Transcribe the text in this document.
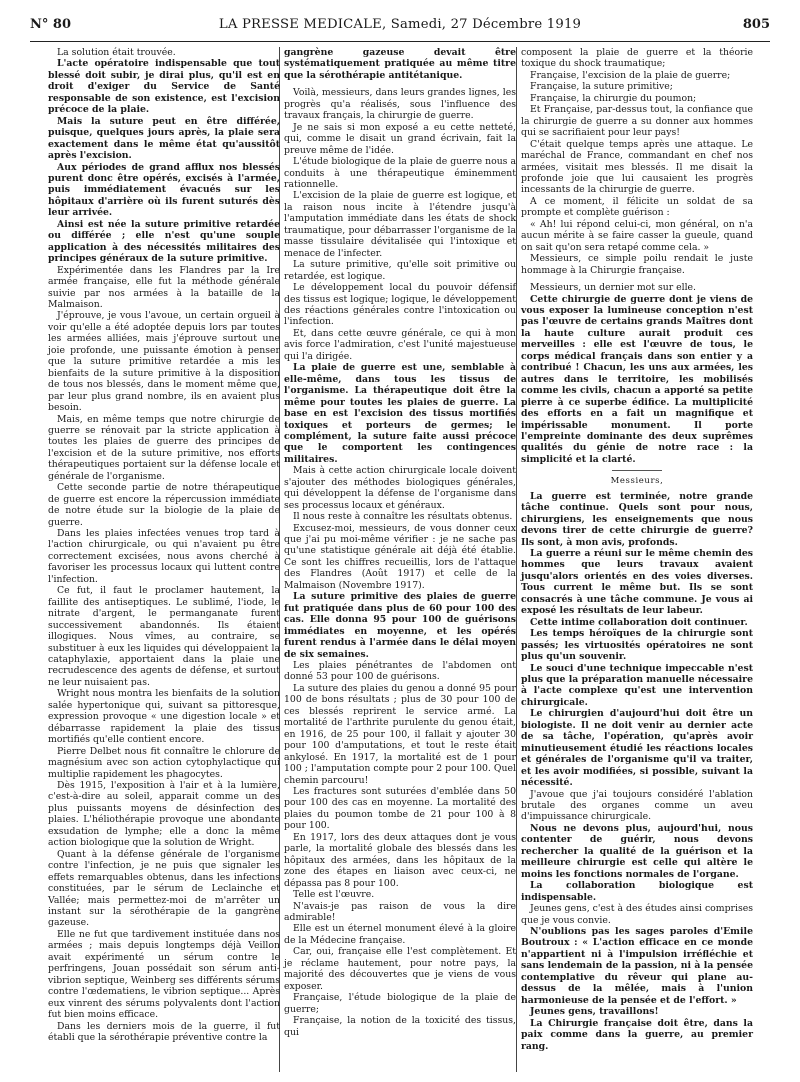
N° 80	LA PRESSE MEDICALE, Samedi, 27 Décembre 1919	805

La solution était trouvée.

L'acte opératoire indispensable que tout blessé doit subir, je dirai plus, qu'il est en droit d'exiger du Service de Santé responsable de son existence, est l'excision précoce de la plaie.

Mais la suture peut en être différée, puisque, quelques jours après, la plaie sera exactement dans le même état qu'aussitôt après l'excision.

Aux périodes de grand afflux nos blessés purent donc être opérés, excisés à l'armée, puis immédiatement évacués sur les hôpitaux d'arrière où ils furent suturés dès leur arrivée.

Ainsi est née la suture primitive retardée ou différée ; elle n'est qu'une souple application à des nécessités militaires des principes généraux de la suture primitive.

Expérimentée dans les Flandres par la Ire armée française, elle fut la méthode générale suivie par nos armées à la bataille de la Malmaison.

J'éprouve, je vous l'avoue, un certain orgueil à voir qu'elle a été adoptée depuis lors par toutes les armées alliées, mais j'éprouve surtout une joie profonde, une puissante émotion à penser que la suture primitive retardée a mis les bienfaits de la suture primitive à la disposition de tous nos blessés, dans le moment même que, par leur plus grand nombre, ils en avaient plus besoin.

Mais, en même temps que notre chirurgie de guerre se rénovait par la stricte application à toutes les plaies de guerre des principes de l'excision et de la suture primitive, nos efforts thérapeutiques portaient sur la défense locale et générale de l'organisme.

Cette seconde partie de notre thérapeutique de guerre est encore la répercussion immédiate de notre étude sur la biologie de la plaie de guerre.

Dans les plaies infectées venues trop tard à l'action chirurgicale, ou qui n'avaient pu être correctement excisées, nous avons cherché à favoriser les processus locaux qui luttent contre l'infection.

Ce fut, il faut le proclamer hautement, la faillite des antiseptiques. Le sublimé, l'iode, le nitrate d'argent, le permanganate furent successivement abandonnés. Ils étaient illogiques. Nous vîmes, au contraire, se substituer à eux les liquides qui développaient la cataphylaxie, apportaient dans la plaie une recrudescence des agents de défense, et surtout ne leur nuisaient pas.

Wright nous montra les bienfaits de la solution salée hypertonique qui, suivant sa pittoresque, expression provoque « une digestion locale » et débarrasse rapidement la plaie des tissus mortifiés qu'elle contient encore.

Pierre Delbet nous fit connaître le chlorure de magnésium avec son action cytophylactique qui multiplie rapidement les phagocytes.

Dès 1915, l'exposition à l'air et à la lumière, c'est-à-dire au soleil, apparait comme un des plus puissants moyens de désinfection des plaies. L'héliothérapie provoque une abondante exsudation de lymphe; elle a donc la même action biologique que la solution de Wright.

Quant à la défense générale de l'organisme contre l'infection, je ne puis que signaler les effets remarquables obtenus, dans les infections constituées, par le sérum de Leclainche et Vallée; mais permettez-moi de m'arrêter un instant sur la sérothérapie de la gangrène gazeuse.

Elle ne fut que tardivement instituée dans nos armées ; mais depuis longtemps déjà Veillon avait expérimenté un sérum contre le perfringens, Jouan possédait son sérum anti-vibrion septique, Weinberg ses différents sérums contre l'œdematiens, le vibrion septique... Après eux vinrent des sérums polyvalents dont l'action fut bien moins efficace.

Dans les derniers mois de la guerre, il fut établi que la sérothérapie préventive contre la

gangrène gazeuse devait être systématiquement pratiquée au même titre que la sérothérapie antitétanique.

Voilà, messieurs, dans leurs grandes lignes, les progrès qu'a réalisés, sous l'influence des travaux français, la chirurgie de guerre.

Je ne sais si mon exposé a eu cette netteté, qui, comme le disait un grand écrivain, fait la preuve même de l'idée.

L'étude biologique de la plaie de guerre nous a conduits à une thérapeutique éminemment rationnelle.

L'excision de la plaie de guerre est logique, et la raison nous incite à l'étendre jusqu'à l'amputation immédiate dans les états de shock traumatique, pour débarrasser l'organisme de la masse tissulaire dévitalisée qui l'intoxique et menace de l'infecter.

La suture primitive, qu'elle soit primitive ou retardée, est logique.

Le développement local du pouvoir défensif des tissus est logique; logique, le développement des réactions générales contre l'intoxication ou l'infection.

Et, dans cette œuvre générale, ce qui à mon avis force l'admiration, c'est l'unité majestueuse qui l'a dirigée.

La plaie de guerre est une, semblable à elle-même, dans tous les tissus de l'organisme. La thérapeutique doit être la même pour toutes les plaies de guerre. La base en est l'excision des tissus mortifiés toxiques et porteurs de germes; le complément, la suture faite aussi précoce que le comportent les contingences militaires.

Mais à cette action chirurgicale locale doivent s'ajouter des méthodes biologiques générales, qui développent la défense de l'organisme dans ses processus locaux et généraux.

Il nous reste à connaître les résultats obtenus.

Excusez-moi, messieurs, de vous donner ceux que j'ai pu moi-même vérifier : je ne sache pas qu'une statistique générale ait déjà été établie. Ce sont les chiffres recueillis, lors de l'attaque des Flandres (Août 1917) et celle de la Malmaison (Novembre 1917).

La suture primitive des plaies de guerre fut pratiquée dans plus de 60 pour 100 des cas. Elle donna 95 pour 100 de guérisons immédiates en moyenne, et les opérés furent rendus à l'armée dans le délai moyen de six semaines.

Les plaies pénétrantes de l'abdomen ont donné 53 pour 100 de guérisons.

La suture des plaies du genou a donné 95 pour 100 de bons résultats ; plus de 30 pour 100 de ces blessés reprirent le service armé. La mortalité de l'arthrite purulente du genou était, en 1916, de 25 pour 100, il fallait y ajouter 30 pour 100 d'amputations, et tout le reste était ankylosé. En 1917, la mortalité est de 1 pour 100 ; l'amputation compte pour 2 pour 100. Quel chemin parcouru!

Les fractures sont suturées d'emblée dans 50 pour 100 des cas en moyenne. La mortalité des plaies du poumon tombe de 21 pour 100 à 8 pour 100.

En 1917, lors des deux attaques dont je vous parle, la mortalité globale des blessés dans les hôpitaux des armées, dans les hôpitaux de la zone des étapes en liaison avec ceux-ci, ne dépassa pas 8 pour 100.

Telle est l'œuvre.

N'avais-je pas raison de vous la dire admirable!

Elle est un éternel monument élevé à la gloire de la Médecine française.

Car, oui, française elle l'est complètement. Et je réclame hautement, pour notre pays, la majorité des découvertes que je viens de vous exposer.

Française, l'étude biologique de la plaie de guerre;

Française, la notion de la toxicité des tissus, qui

composent la plaie de guerre et la théorie toxique du shock traumatique;

Française, l'excision de la plaie de guerre;

Française, la suture primitive;

Française, la chirurgie du poumon;

Et Française, par-dessus tout, la confiance que la chirurgie de guerre a su donner aux hommes qui se sacrifiaient pour leur pays!

C'était quelque temps après une attaque. Le maréchal de France, commandant en chef nos armées, visitait mes blessés. Il me disait la profonde joie que lui causaient les progrès incessants de la chirurgie de guerre.

A ce moment, il félicite un soldat de sa prompte et complète guérison :

« Ah! lui répond celui-ci, mon général, on n'a aucun mérite à se faire casser la gueule, quand on sait qu'on sera retapé comme cela. »

Messieurs, ce simple poilu rendait le juste hommage à la Chirurgie française.

Messieurs, un dernier mot sur elle.

Cette chirurgie de guerre dont je viens de vous exposer la lumineuse conception n'est pas l'œuvre de certains grands Maîtres dont la haute culture aurait produit ces merveilles : elle est l'œuvre de tous, le corps médical français dans son entier y a contribué ! Chacun, les uns aux armées, les autres dans le territoire, les mobilisés comme les civils, chacun a apporté sa petite pierre à ce superbe édifice. La multiplicité des efforts en a fait un magnifique et impérissable monument. Il porte l'empreinte dominante des deux suprêmes qualités du génie de notre race : la simplicité et la clarté.

Messieurs,

La guerre est terminée, notre grande tâche continue. Quels sont pour nous, chirurgiens, les enseignements que nous devons tirer de cette chirurgie de guerre? Ils sont, à mon avis, profonds.

La guerre a réuni sur le même chemin des hommes que leurs travaux avaient jusqu'alors orientés en des voies diverses. Tous current le même but. Ils se sont consacrés à une tâche commune. Je vous ai exposé les résultats de leur labeur.

Cette intime collaboration doit continuer.

Les temps héroïques de la chirurgie sont passés; les virtuosités opératoires ne sont plus qu'un souvenir.

Le souci d'une technique impeccable n'est plus que la préparation manuelle nécessaire à l'acte complexe qu'est une intervention chirurgicale.

Le chirurgien d'aujourd'hui doit être un biologiste. Il ne doit venir au dernier acte de sa tâche, l'opération, qu'après avoir minutieusement étudié les réactions locales et générales de l'organisme qu'il va traiter, et les avoir modifiées, si possible, suivant la nécessité.

J'avoue que j'ai toujours considéré l'ablation brutale des organes comme un aveu d'impuissance chirurgicale.

Nous ne devons plus, aujourd'hui, nous contenter de guérir, nous devons rechercher la qualité de la guérison et la meilleure chirurgie est celle qui altère le moins les fonctions normales de l'organe.

La collaboration biologique est indispensable.

Jeunes gens, c'est à des études ainsi comprises que je vous convie.

N'oublions pas les sages paroles d'Emile Boutroux : « L'action efficace en ce monde n'appartient ni à l'impulsion irréfléchie et sans lendemain de la passion, ni à la pensée contemplative du rêveur qui plane au-dessus de la mêlée, mais à l'union harmonieuse de la pensée et de l'effort. »

Jeunes gens, travaillons!

La Chirurgie française doit être, dans la paix comme dans la guerre, au premier rang.
